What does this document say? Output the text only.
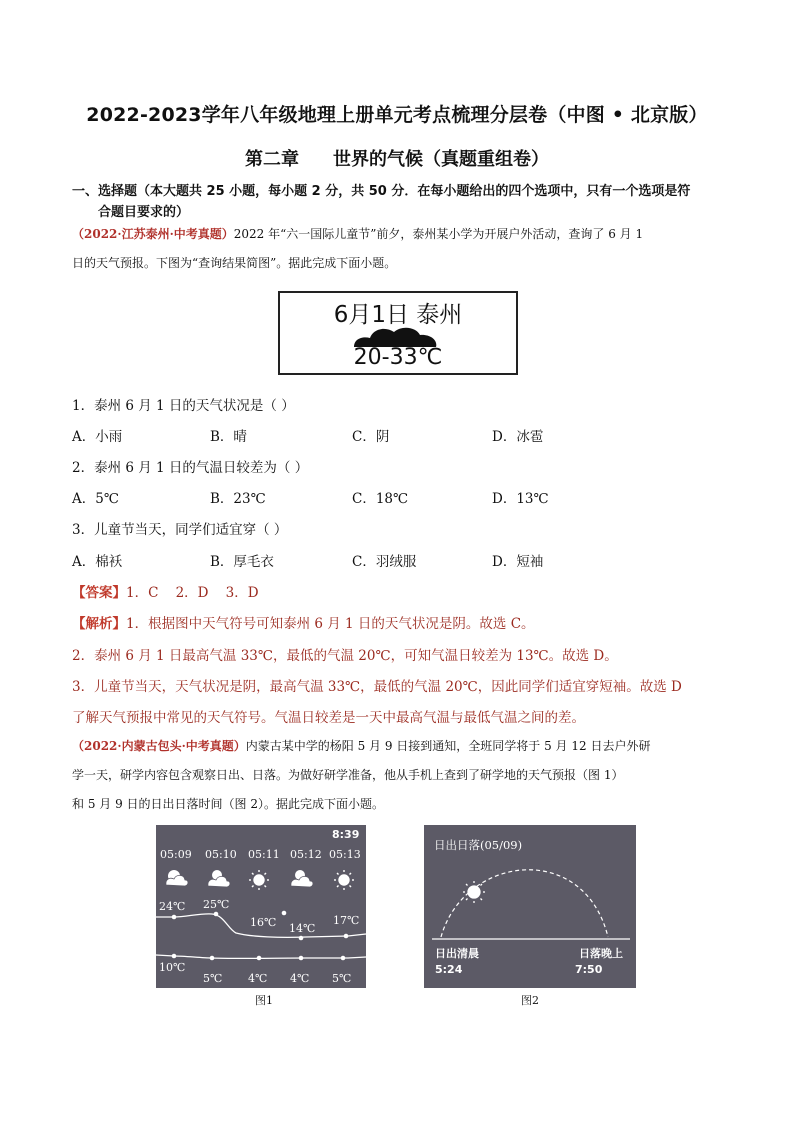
2022-2023学年八年级地理上册单元考点梳理分层卷（中图 • 北京版）
第二章 世界的气候（真题重组卷）
一、选择题（本大题共 25 小题，每小题 2 分，共 50 分．在每小题给出的四个选项中，只有一个选项是符
合题目要求的）
（2022·江苏泰州·中考真题）2022 年“六一国际儿童节”前夕，泰州某小学为开展户外活动，查询了 6 月 1
日的天气预报。下图为“查询结果简图”。据此完成下面小题。
6月1日 泰州
20-33℃
1．泰州 6 月 1 日的天气状况是（ ）
A．小雨	B．晴	C．阴	D．冰雹
2．泰州 6 月 1 日的气温日较差为（ ）
A．5℃	B．23℃	C．18℃	D．13℃
3．儿童节当天，同学们适宜穿（ ）
A．棉袄	B．厚毛衣	C．羽绒服	D．短袖
【答案】1．C    2．D    3．D
【解析】1．根据图中天气符号可知泰州 6 月 1 日的天气状况是阴。故选 C。
2．泰州 6 月 1 日最高气温 33℃，最低的气温 20℃，可知气温日较差为 13℃。故选 D。
3．儿童节当天，天气状况是阴，最高气温 33℃，最低的气温 20℃，因此同学们适宜穿短袖。故选 D
了解天气预报中常见的天气符号。气温日较差是一天中最高气温与最低气温之间的差。
（2022·内蒙古包头·中考真题）内蒙古某中学的杨阳 5 月 9 日接到通知，全班同学将于 5 月 12 日去户外研
学一天，研学内容包含观察日出、日落。为做好研学准备，他从手机上查到了研学地的天气预报（图 1）
和 5 月 9 日的日出日落时间（图 2）。据此完成下面小题。
8:39
05:09 05:10 05:11 05:12 05:13
24℃ 25℃
16℃ 14℃
17℃
10℃
5℃ 4℃ 4℃ 5℃
图1
日出日落(05/09)
日出清晨
5:24
日落晚上
7:50
图2
